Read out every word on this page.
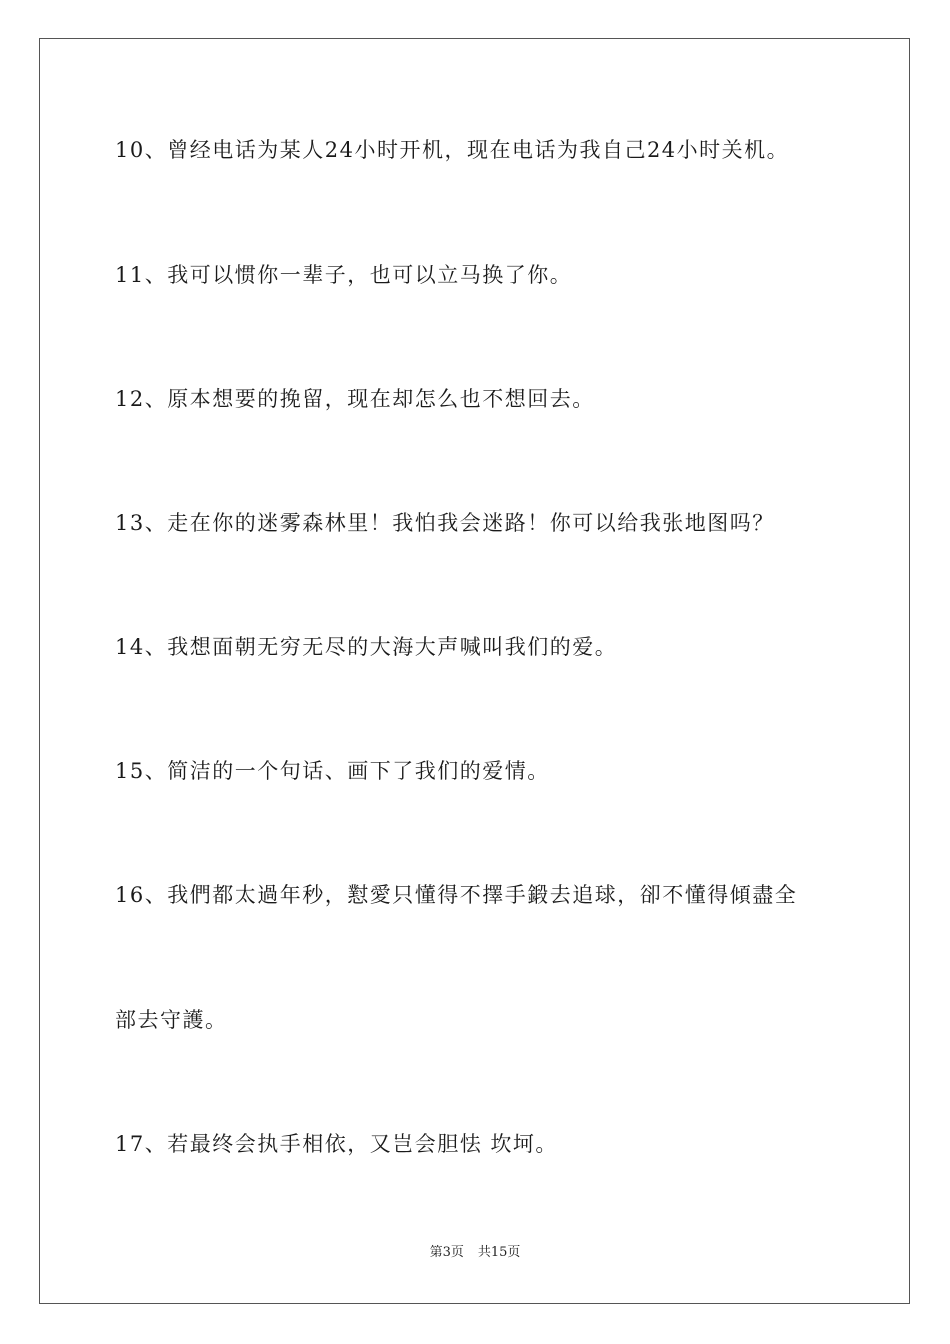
10、曾经电话为某人24小时开机，现在电话为我自己24小时关机。
11、我可以惯你一辈子，也可以立马换了你。
12、原本想要的挽留，现在却怎么也不想回去。
13、走在你的迷雾森林里！我怕我会迷路！你可以给我张地图吗？
14、我想面朝无穷无尽的大海大声喊叫我们的爱。
15、简洁的一个句话、画下了我们的爱情。
16、我們都太過年秒，懟愛只懂得不擇手鍛去追球，卻不懂得傾盡全
部去守護。
17、若最终会执手相依，又岂会胆怯 坎坷。
第3页 共15页
